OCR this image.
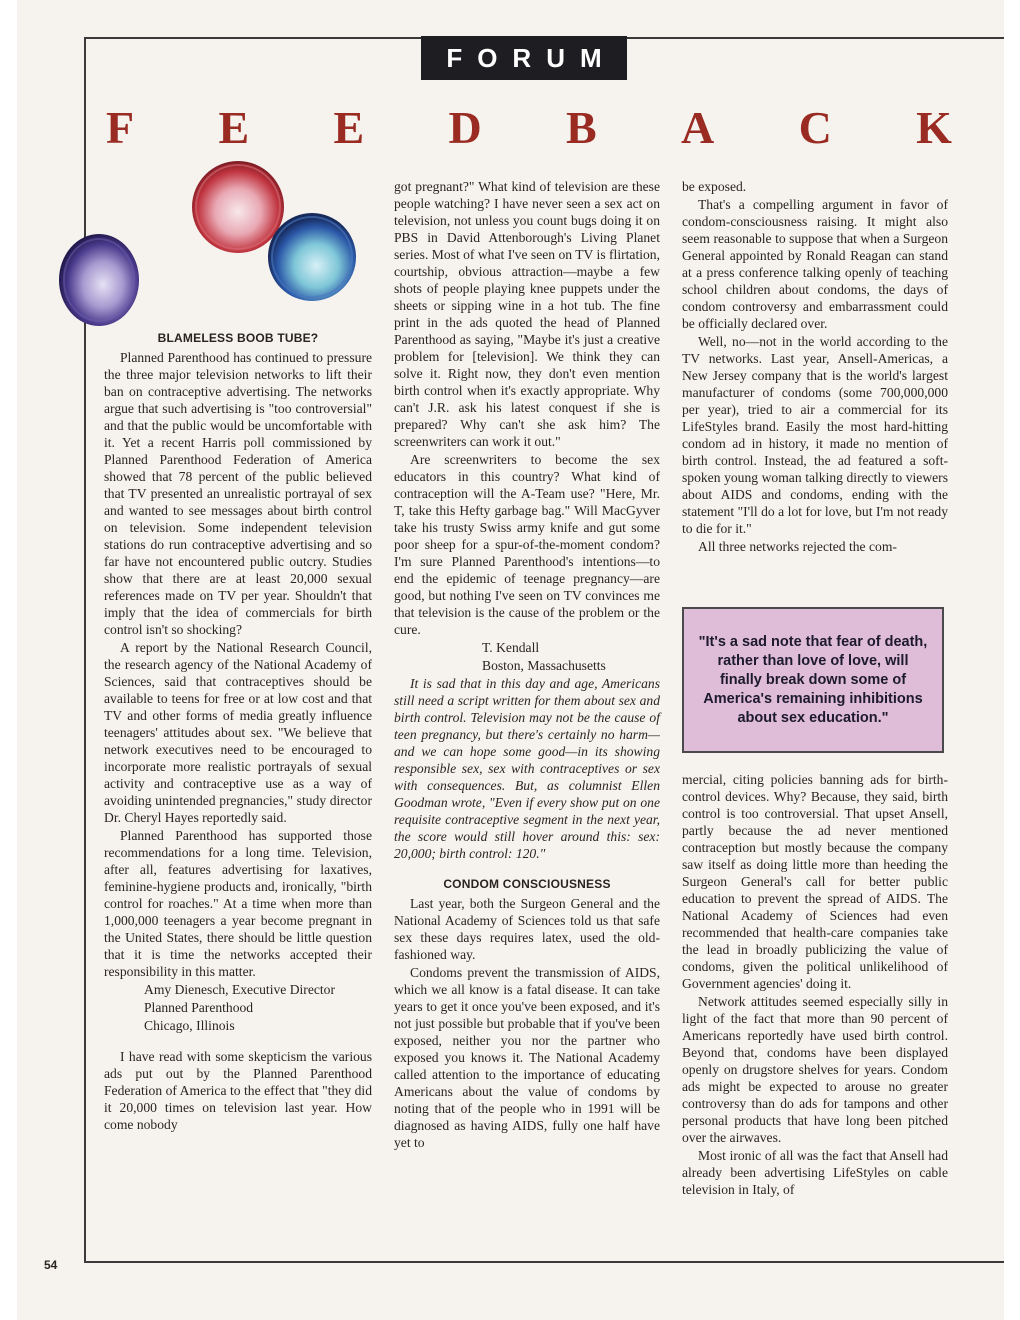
FORUM
F E E D B A C K
BLAMELESS BOOB TUBE?

Planned Parenthood has continued to pressure the three major television networks to lift their ban on contraceptive advertising. The networks argue that such advertising is "too controversial" and that the public would be uncomfortable with it. Yet a recent Harris poll commissioned by Planned Parenthood Federation of America showed that 78 percent of the public believed that TV presented an unrealistic portrayal of sex and wanted to see messages about birth control on television. Some independent television stations do run contraceptive advertising and so far have not encountered public outcry. Studies show that there are at least 20,000 sexual references made on TV per year. Shouldn't that imply that the idea of commercials for birth control isn't so shocking?

A report by the National Research Council, the research agency of the National Academy of Sciences, said that contraceptives should be available to teens for free or at low cost and that TV and other forms of media greatly influence teenagers' attitudes about sex. "We believe that network executives need to be encouraged to incorporate more realistic portrayals of sexual activity and contraceptive use as a way of avoiding unintended pregnancies," study director Dr. Cheryl Hayes reportedly said.

Planned Parenthood has supported those recommendations for a long time. Television, after all, features advertising for laxatives, feminine-hygiene products and, ironically, "birth control for roaches." At a time when more than 1,000,000 teenagers a year become pregnant in the United States, there should be little question that it is time the networks accepted their responsibility in this matter.

Amy Dienesch, Executive Director

Planned Parenthood

Chicago, Illinois

I have read with some skepticism the various ads put out by the Planned Parenthood Federation of America to the effect that "they did it 20,000 times on television last year. How come nobody

got pregnant?" What kind of television are these people watching? I have never seen a sex act on television, not unless you count bugs doing it on PBS in David Attenborough's Living Planet series. Most of what I've seen on TV is flirtation, courtship, obvious attraction—maybe a few shots of people playing knee puppets under the sheets or sipping wine in a hot tub. The fine print in the ads quoted the head of Planned Parenthood as saying, "Maybe it's just a creative problem for [television]. We think they can solve it. Right now, they don't even mention birth control when it's exactly appropriate. Why can't J.R. ask his latest conquest if she is prepared? Why can't she ask him? The screenwriters can work it out."

Are screenwriters to become the sex educators in this country? What kind of contraception will the A-Team use? "Here, Mr. T, take this Hefty garbage bag." Will MacGyver take his trusty Swiss army knife and gut some poor sheep for a spur-of-the-moment condom? I'm sure Planned Parenthood's intentions—to end the epidemic of teenage pregnancy—are good, but nothing I've seen on TV convinces me that television is the cause of the problem or the cure.

T. Kendall

Boston, Massachusetts

It is sad that in this day and age, Americans still need a script written for them about sex and birth control. Television may not be the cause of teen pregnancy, but there's certainly no harm—and we can hope some good—in its showing responsible sex, sex with contraceptives or sex with consequences. But, as columnist Ellen Goodman wrote, "Even if every show put on one requisite contraceptive segment in the next year, the score would still hover around this: sex: 20,000; birth control: 120."

CONDOM CONSCIOUSNESS

Last year, both the Surgeon General and the National Academy of Sciences told us that safe sex these days requires latex, used the old-fashioned way.

Condoms prevent the transmission of AIDS, which we all know is a fatal disease. It can take years to get it once you've been exposed, and it's not just possible but probable that if you've been exposed, neither you nor the partner who exposed you knows it. The National Academy called attention to the importance of educating Americans about the value of condoms by noting that of the people who in 1991 will be diagnosed as having AIDS, fully one half have yet to

be exposed.

That's a compelling argument in favor of condom-consciousness raising. It might also seem reasonable to suppose that when a Surgeon General appointed by Ronald Reagan can stand at a press conference talking openly of teaching school children about condoms, the days of condom controversy and embarrassment could be officially declared over.

Well, no—not in the world according to the TV networks. Last year, Ansell-Americas, a New Jersey company that is the world's largest manufacturer of condoms (some 700,000,000 per year), tried to air a commercial for its LifeStyles brand. Easily the most hard-hitting condom ad in history, it made no mention of birth control. Instead, the ad featured a soft-spoken young woman talking directly to viewers about AIDS and condoms, ending with the statement "I'll do a lot for love, but I'm not ready to die for it."

All three networks rejected the com-

"It's a sad note that fear of death, rather than love of love, will finally break down some of America's remaining inhibitions about sex education."

mercial, citing policies banning ads for birth-control devices. Why? Because, they said, birth control is too controversial. That upset Ansell, partly because the ad never mentioned contraception but mostly because the company saw itself as doing little more than heeding the Surgeon General's call for better public education to prevent the spread of AIDS. The National Academy of Sciences had even recommended that health-care companies take the lead in broadly publicizing the value of condoms, given the political unlikelihood of Government agencies' doing it.

Network attitudes seemed especially silly in light of the fact that more than 90 percent of Americans reportedly have used birth control. Beyond that, condoms have been displayed openly on drugstore shelves for years. Condom ads might be expected to arouse no greater controversy than do ads for tampons and other personal products that have long been pitched over the airwaves.

Most ironic of all was the fact that Ansell had already been advertising LifeStyles on cable television in Italy, of

54
